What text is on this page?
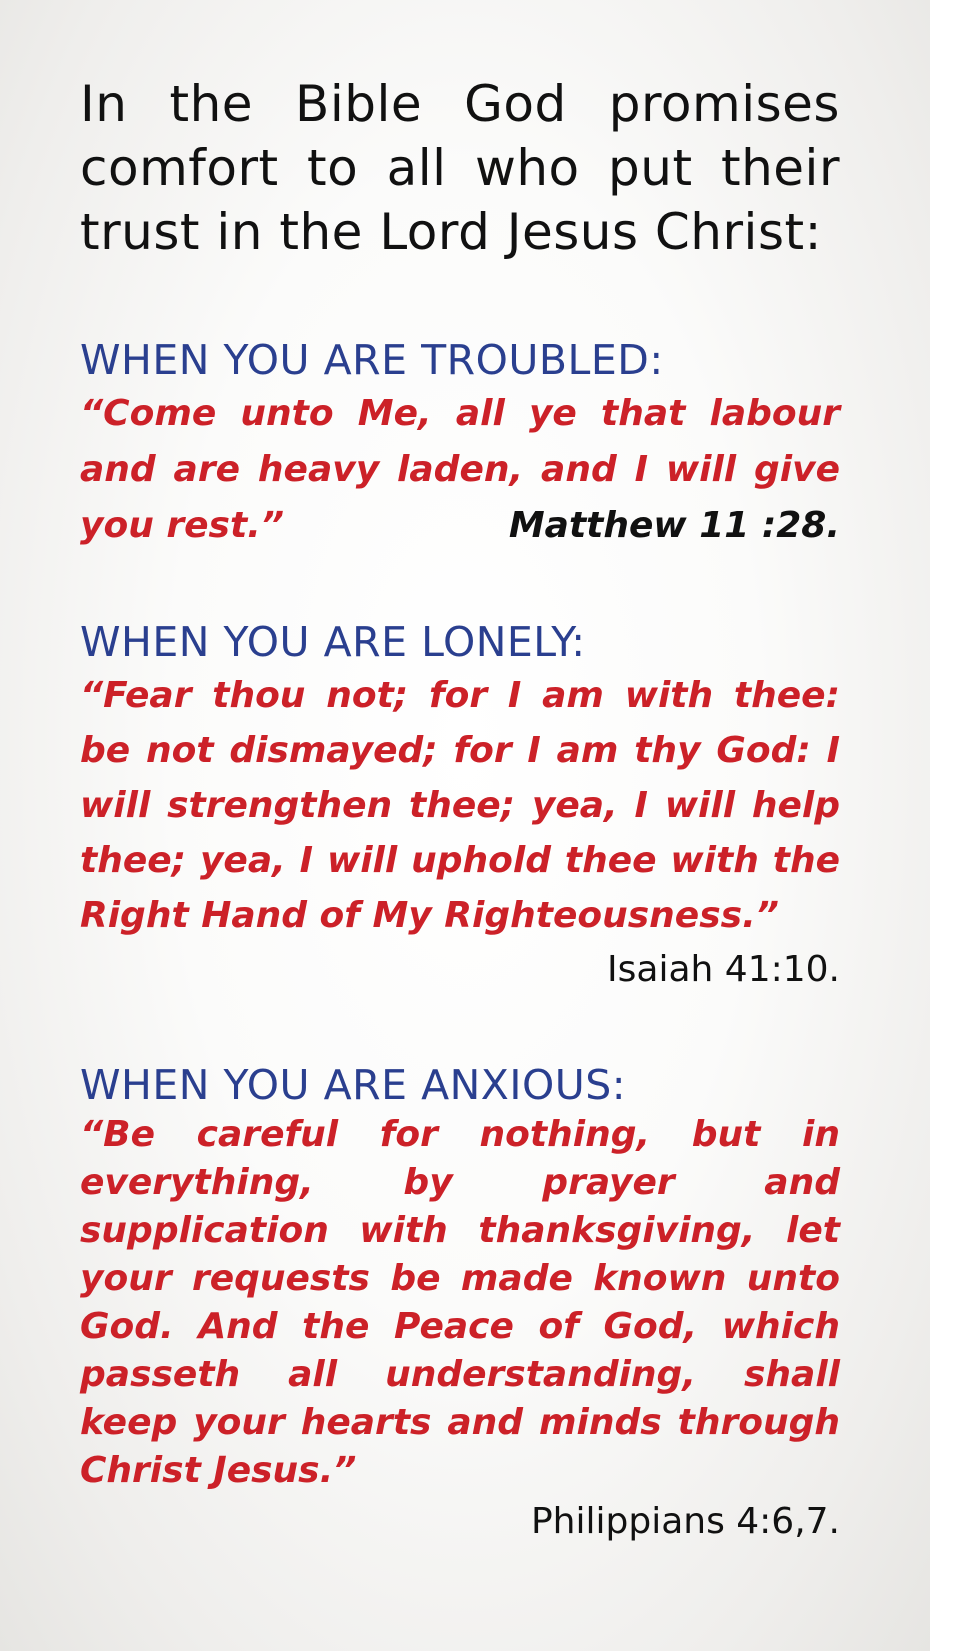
In the Bible God promises comfort to all who put their trust in the Lord Jesus Christ:

WHEN YOU ARE TROUBLED:

“Come unto Me, all ye that labour and are heavy laden, and I will give you rest.”	Matthew 11 :28.

WHEN YOU ARE LONELY:

“Fear thou not; for I am with thee: be not dismayed; for I am thy God: I will strengthen thee; yea, I will help thee; yea, I will uphold thee with the Right Hand of My Righteousness.”

Isaiah 41:10.

WHEN YOU ARE ANXIOUS:

“Be careful for nothing, but in everything, by prayer and supplication with thanksgiving, let your requests be made known unto God. And the Peace of God, which passeth all understanding, shall keep your hearts and minds through Christ Jesus.”

Philippians 4:6,7.
